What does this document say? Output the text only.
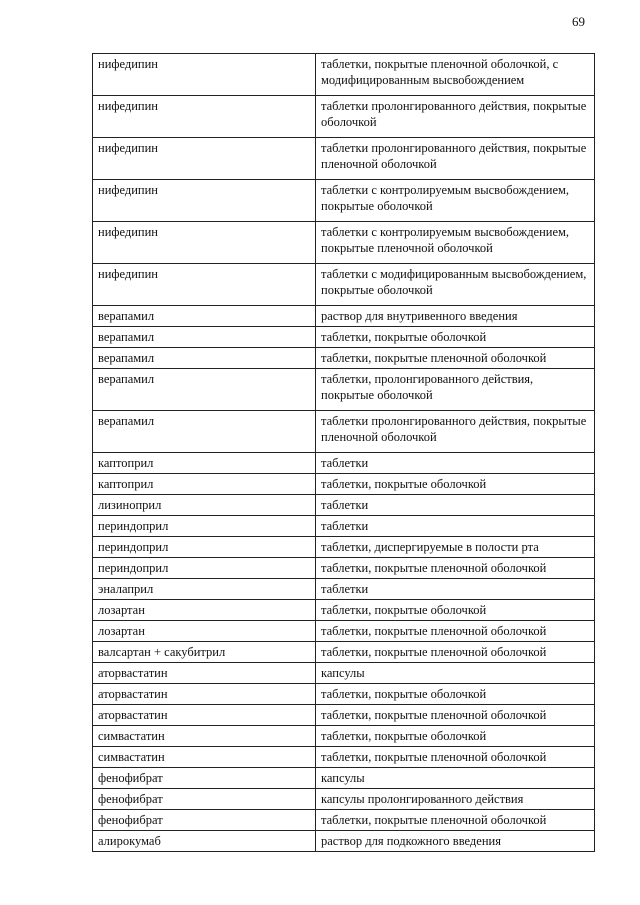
69
нифедипин	таблетки, покрытые пленочной оболочкой, с модифицированным высвобождением
нифедипин	таблетки пролонгированного действия, покрытые оболочкой
нифедипин	таблетки пролонгированного действия, покрытые пленочной оболочкой
нифедипин	таблетки с контролируемым высвобождением, покрытые оболочкой
нифедипин	таблетки с контролируемым высвобождением, покрытые пленочной оболочкой
нифедипин	таблетки с модифицированным высвобождением, покрытые оболочкой
верапамил	раствор для внутривенного введения
верапамил	таблетки, покрытые оболочкой
верапамил	таблетки, покрытые пленочной оболочкой
верапамил	таблетки, пролонгированного действия, покрытые оболочкой
верапамил	таблетки пролонгированного действия, покрытые пленочной оболочкой
каптоприл	таблетки
каптоприл	таблетки, покрытые оболочкой
лизиноприл	таблетки
периндоприл	таблетки
периндоприл	таблетки, диспергируемые в полости рта
периндоприл	таблетки, покрытые пленочной оболочкой
эналаприл	таблетки
лозартан	таблетки, покрытые оболочкой
лозартан	таблетки, покрытые пленочной оболочкой
валсартан + сакубитрил	таблетки, покрытые пленочной оболочкой
аторвастатин	капсулы
аторвастатин	таблетки, покрытые оболочкой
аторвастатин	таблетки, покрытые пленочной оболочкой
симвастатин	таблетки, покрытые оболочкой
симвастатин	таблетки, покрытые пленочной оболочкой
фенофибрат	капсулы
фенофибрат	капсулы пролонгированного действия
фенофибрат	таблетки, покрытые пленочной оболочкой
алирокумаб	раствор для подкожного введения
